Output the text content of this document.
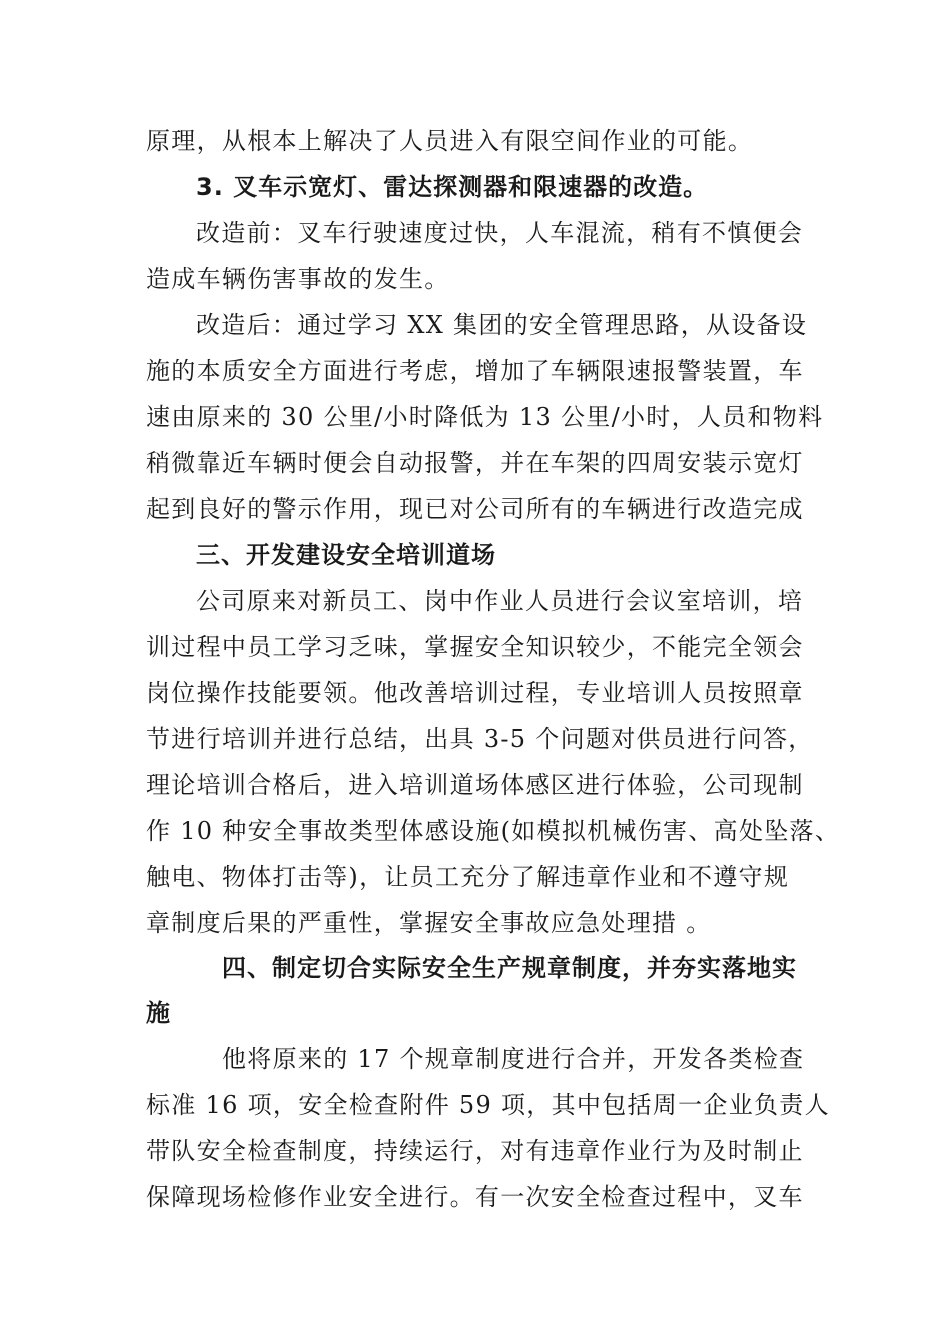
原理，从根本上解决了人员进入有限空间作业的可能。
3. 叉车示宽灯、雷达探测器和限速器的改造。
改造前：叉车行驶速度过快，人车混流，稍有不慎便会
造成车辆伤害事故的发生。
改造后：通过学习 XX 集团的安全管理思路，从设备设
施的本质安全方面进行考虑，增加了车辆限速报警装置，车
速由原来的 30 公里/小时降低为 13 公里/小时，人员和物料
稍微靠近车辆时便会自动报警，并在车架的四周安装示宽灯
起到良好的警示作用，现已对公司所有的车辆进行改造完成
三、开发建设安全培训道场
公司原来对新员工、岗中作业人员进行会议室培训，培
训过程中员工学习乏味，掌握安全知识较少，不能完全领会
岗位操作技能要领。他改善培训过程，专业培训人员按照章
节进行培训并进行总结，出具 3-5 个问题对供员进行问答，
理论培训合格后，进入培训道场体感区进行体验，公司现制
作 10 种安全事故类型体感设施(如模拟机械伤害、高处坠落、
触电、物体打击等)，让员工充分了解违章作业和不遵守规
章制度后果的严重性，掌握安全事故应急处理措 。
四、制定切合实际安全生产规章制度，并夯实落地实
施
他将原来的 17 个规章制度进行合并，开发各类检查
标准 16 项，安全检查附件 59 项，其中包括周一企业负责人
带队安全检查制度，持续运行，对有违章作业行为及时制止
保障现场检修作业安全进行。有一次安全检查过程中，叉车
